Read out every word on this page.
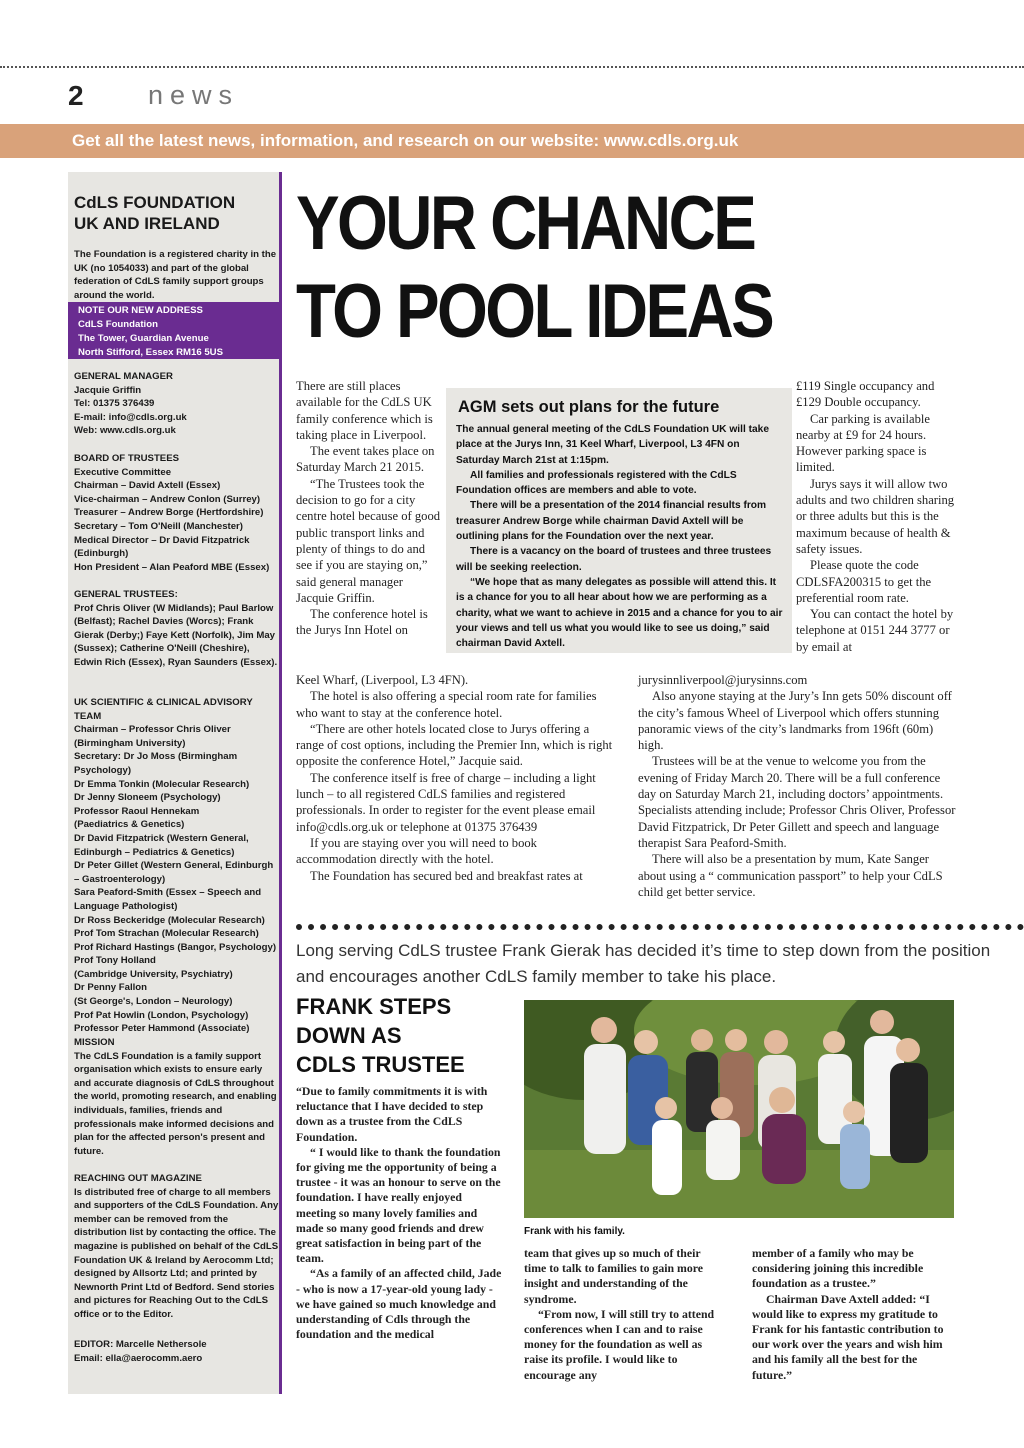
2 news
Get all the latest news, information, and research on our website: www.cdls.org.uk
CdLS FOUNDATION
UK AND IRELAND
The Foundation is a registered charity in the UK (no 1054033) and part of the global federation of CdLS family support groups around the world.
NOTE OUR NEW ADDRESS
CdLS Foundation
The Tower, Guardian Avenue
North Stifford, Essex RM16 5US
GENERAL MANAGER
Jacquie Griffin
Tel: 01375 376439
E-mail: info@cdls.org.uk
Web: www.cdls.org.uk
BOARD OF TRUSTEES
Executive Committee
Chairman – David Axtell (Essex)
Vice-chairman – Andrew Conlon (Surrey)
Treasurer – Andrew Borge (Hertfordshire)
Secretary – Tom O'Neill (Manchester)
Medical Director – Dr David Fitzpatrick
(Edinburgh)
Hon President – Alan Peaford MBE (Essex)
GENERAL TRUSTEES:
Prof Chris Oliver (W Midlands); Paul Barlow (Belfast); Rachel Davies (Worcs); Frank Gierak (Derby;) Faye Kett (Norfolk), Jim May (Sussex); Catherine O'Neill (Cheshire), Edwin Rich (Essex), Ryan Saunders (Essex).
UK SCIENTIFIC & CLINICAL ADVISORY TEAM
Chairman – Professor Chris Oliver
(Birmingham University)
Secretary: Dr Jo Moss (Birmingham
Psychology)
Dr Emma Tonkin (Molecular Research)
Dr Jenny Sloneem (Psychology)
Professor Raoul Hennekam
(Paediatrics & Genetics)
Dr David Fitzpatrick (Western General,
Edinburgh – Pediatrics & Genetics)
Dr Peter Gillet (Western General, Edinburgh
– Gastroenterology)
Sara Peaford-Smith (Essex – Speech and
Language Pathologist)
Dr Ross Beckeridge (Molecular Research)
Prof Tom Strachan (Molecular Research)
Prof Richard Hastings (Bangor, Psychology)
Prof Tony Holland
(Cambridge University, Psychiatry)
Dr Penny Fallon
(St George's, London – Neurology)
Prof Pat Howlin (London, Psychology)
Professor Peter Hammond (Associate)
MISSION
The CdLS Foundation is a family support organisation which exists to ensure early and accurate diagnosis of CdLS throughout the world, promoting research, and enabling individuals, families, friends and professionals make informed decisions and plan for the affected person's present and future.
REACHING OUT MAGAZINE
Is distributed free of charge to all members and supporters of the CdLS Foundation. Any member can be removed from the distribution list by contacting the office. The magazine is published on behalf of the CdLS Foundation UK & Ireland by Aerocomm Ltd; designed by Allsortz Ltd; and printed by Newnorth Print Ltd of Bedford. Send stories and pictures for Reaching Out to the CdLS office or to the Editor.
EDITOR: Marcelle Nethersole
Email: ella@aerocomm.aero
YOUR CHANCE
TO POOL IDEAS

There are still places available for the CdLS UK family conference which is taking place in Liverpool.

The event takes place on Saturday March 21 2015.

“The Trustees took the decision to go for a city centre hotel because of good public transport links and plenty of things to do and see if you are staying on,” said general manager Jacquie Griffin.

The conference hotel is the Jurys Inn Hotel on

Keel Wharf, (Liverpool, L3 4FN).

The hotel is also offering a special room rate for families who want to stay at the conference hotel.

“There are other hotels located close to Jurys offering a range of cost options, including the Premier Inn, which is right opposite the conference Hotel,” Jacquie said.

The conference itself is free of charge – including a light lunch – to all registered CdLS families and registered professionals. In order to register for the event please email info@cdls.org.uk or telephone at 01375 376439

If you are staying over you will need to book accommodation directly with the hotel.

The Foundation has secured bed and breakfast rates at

AGM sets out plans for the future

The annual general meeting of the CdLS Foundation UK will take place at the Jurys Inn, 31 Keel Wharf, Liverpool, L3 4FN on Saturday March 21st at 1:15pm.

All families and professionals registered with the CdLS Foundation offices are members and able to vote.

There will be a presentation of the 2014 financial results from treasurer Andrew Borge while chairman David Axtell will be outlining plans for the Foundation over the next year.

There is a vacancy on the board of trustees and three trustees will be seeking reelection.

“We hope that as many delegates as possible will attend this. It is a chance for you to all hear about how we are performing as a charity, what we want to achieve in 2015 and a chance for you to air your views and tell us what you would like to see us doing,” said chairman David Axtell.

£119 Single occupancy and £129 Double occupancy.

Car parking is available nearby at £9 for 24 hours. However parking space is limited.

Jurys says it will allow two adults and two children sharing or three adults but this is the maximum because of health & safety issues.

Please quote the code CDLSFA200315 to get the preferential room rate.

You can contact the hotel by telephone at 0151 244 3777 or by email at

jurysinnliverpool@jurysinns.com

Also anyone staying at the Jury’s Inn gets 50% discount off the city’s famous Wheel of Liverpool which offers stunning panoramic views of the city’s landmarks from 196ft (60m) high.

Trustees will be at the venue to welcome you from the evening of Friday March 20. There will be a full conference day on Saturday March 21, including doctors’ appointments. Specialists attending include; Professor Chris Oliver, Professor David Fitzpatrick, Dr Peter Gillett and speech and language therapist Sara Peaford-Smith.

There will also be a presentation by mum, Kate Sanger about using a “ communication passport” to help your CdLS child get better service.

Long serving CdLS trustee Frank Gierak has decided it’s time to step down from the position and encourages another CdLS family member to take his place.
FRANK STEPS
DOWN AS
CDLS TRUSTEE

“Due to family commitments it is with reluctance that I have decided to step down as a trustee from the CdLS Foundation.

“ I would like to thank the foundation for giving me the opportunity of being a trustee - it was an honour to serve on the foundation. I have really enjoyed meeting so many lovely families and made so many good friends and drew great satisfaction in being part of the team.

“As a family of an affected child, Jade - who is now a 17-year-old young lady - we have gained so much knowledge and understanding of Cdls through the foundation and the medical

Frank with his family.

team that gives up so much of their time to talk to families to gain more insight and understanding of the syndrome.

“From now, I will still try to attend conferences when I can and to raise money for the foundation as well as raise its profile. I would like to encourage any

member of a family who may be considering joining this incredible foundation as a trustee.”

Chairman Dave Axtell added: “I would like to express my gratitude to Frank for his fantastic contribution to our work over the years and wish him and his family all the best for the future.”
